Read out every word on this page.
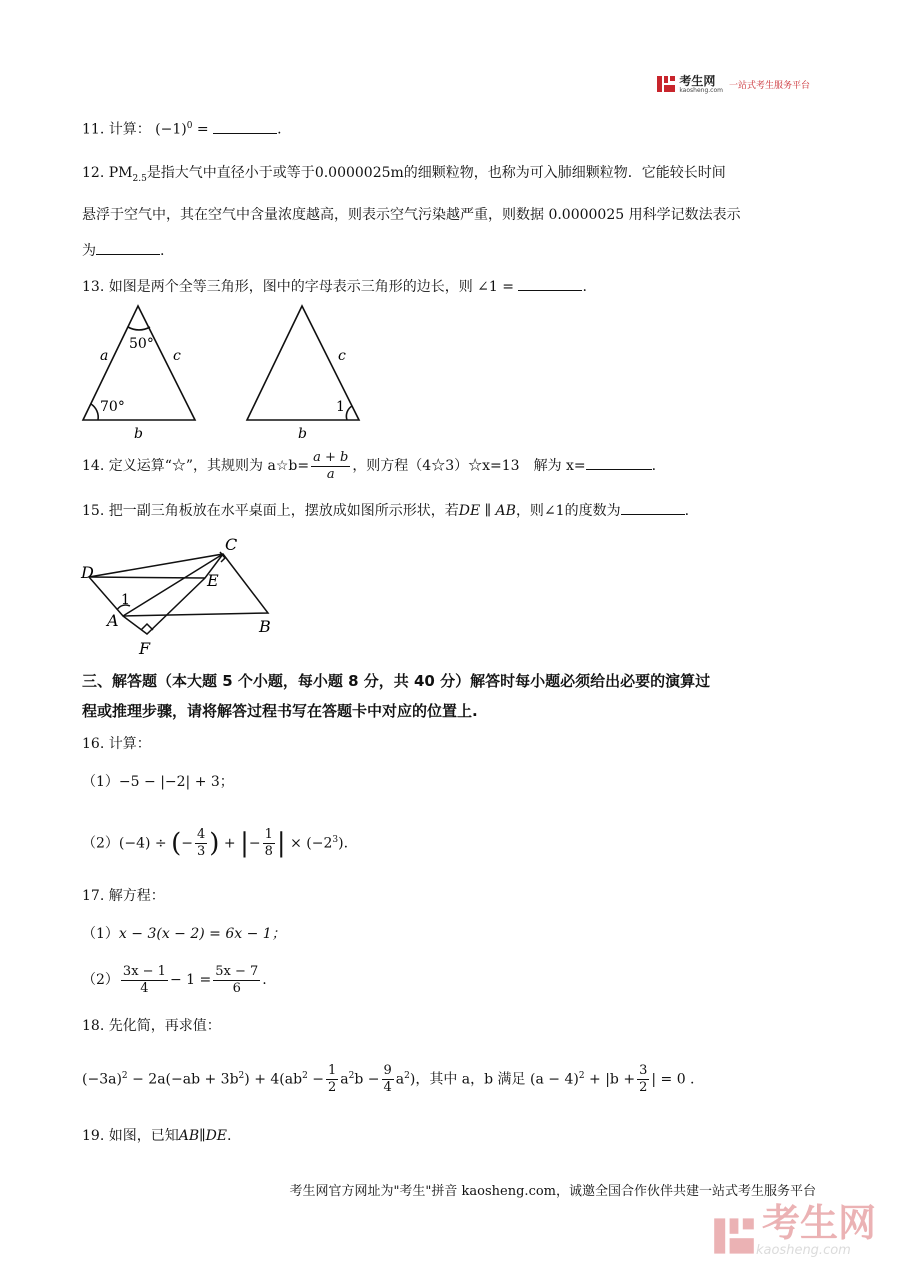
考生网
kaosheng.com 一站式考生服务平台
11. 计算： $(-1)^0$ =	.
12. $PM_{2.5}$是指大气中直径小于或等于0.0000025m的细颗粒物，也称为可入肺细颗粒物．它能较长时间
悬浮于空气中，其在空气中含量浓度越高，则表示空气污染越严重，则数据 0.0000025 用科学记数法表示
为	.
13. 如图是两个全等三角形，图中的字母表示三角形的边长，则 ∠1 =	.
50°
a	c
70°
b
c
1
b
14. 定义运算“☆”，其规则为 a☆b= $\frac{a + b}{a}$ ，则方程（4☆3）☆x=13　解为 x=	.
15. 把一副三角板放在水平桌面上，摆放成如图所示形状，若DE ∥ AB，则∠1的度数为	.
D	E
C
A	B
F
1
三、解答题（本大题 5 个小题，每小题 8 分，共 40 分）解答时每小题必须给出必要的演算过
程或推理步骤，请将解答过程书写在答题卡中对应的位置上.
16. 计算：
（1）−5 − |−2| + 3；
（2）(−4) ÷ (− $\frac{4}{3}$ ) + |− $\frac{1}{8}$ | × $(-2^3)$.
17. 解方程：
（1）x − 3(x − 2) = 6x − 1；
$(2) \frac{3x - 1}{4} - 1 = \frac{5x - 7}{6}$ .
18. 先化简，再求值：
$(-3a)^2 - 2a(-ab + 3b^2) + 4(ab^2 - \frac{1}{2} a^2b - \frac{9}{4} a^2)$，其中 a，b 满足 $(a - 4)^2 + |b + \frac{3}{2}$ | = 0 .
19. 如图，已知AB∥DE.
考生网官方网址为"考生"拼音 kaosheng.com，诚邀全国合作伙伴共建一站式考生服务平台
考生网
kaosheng.com
